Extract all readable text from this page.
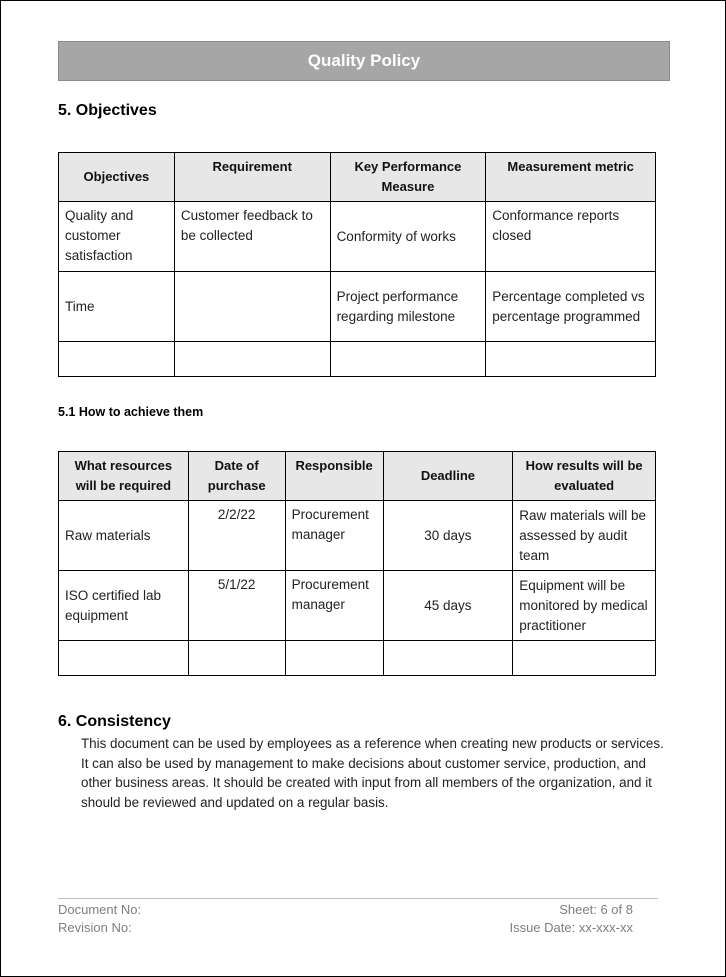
Quality Policy
5. Objectives
Objectives	Requirement	Key Performance Measure	Measurement metric
Quality and customer satisfaction	Customer feedback to be collected	Conformity of works	Conformance reports closed
Time		Project performance regarding milestone	Percentage completed vs percentage programmed

5.1 How to achieve them
What resources will be required	Date of purchase	Responsible	Deadline	How results will be evaluated
Raw materials	2/2/22	Procurement manager	30 days	Raw materials will be assessed by audit team
ISO certified lab equipment	5/1/22	Procurement manager	45 days	Equipment will be monitored by medical practitioner

6. Consistency
This document can be used by employees as a reference when creating new products or services. It can also be used by management to make decisions about customer service, production, and other business areas. It should be created with input from all members of the organization, and it should be reviewed and updated on a regular basis.
Document No:
Revision No:
Sheet: 6 of 8
Issue Date: xx-xxx-xx
